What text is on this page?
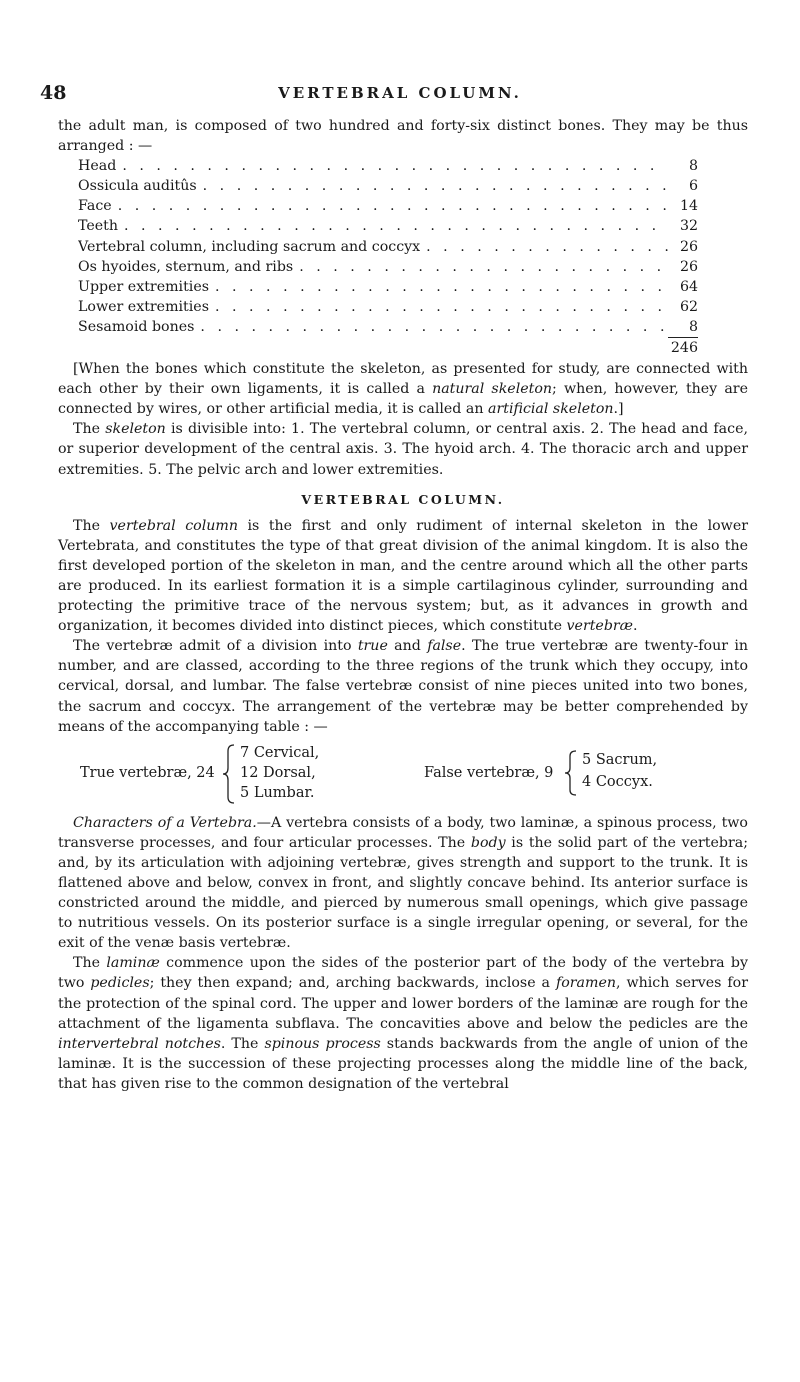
48	VERTEBRAL COLUMN.

the adult man, is composed of two hundred and forty-six distinct bones. They may be thus arranged : —

Head . . .	8
Ossicula auditûs . . .	6
Face . . .	14
Teeth . . .	32
Vertebral column, including sacrum and coccyx . . .	26
Os hyoides, sternum, and ribs . . .	26
Upper extremities . . .	64
Lower extremities . . .	62
Sesamoid bones . . .	8
246

[When the bones which constitute the skeleton, as presented for study, are connected with each other by their own ligaments, it is called a natural skeleton; when, however, they are connected by wires, or other artificial media, it is called an artificial skeleton.]

The skeleton is divisible into: 1. The vertebral column, or central axis. 2. The head and face, or superior development of the central axis. 3. The hyoid arch. 4. The thoracic arch and upper extremities. 5. The pelvic arch and lower extremities.

VERTEBRAL COLUMN.

The vertebral column is the first and only rudiment of internal skeleton in the lower Vertebrata, and constitutes the type of that great division of the animal kingdom. It is also the first developed portion of the skeleton in man, and the centre around which all the other parts are produced. In its earliest formation it is a simple cartilaginous cylinder, surrounding and protecting the primitive trace of the nervous system; but, as it advances in growth and organization, it becomes divided into distinct pieces, which constitute vertebræ.

The vertebræ admit of a division into true and false. The true vertebræ are twenty-four in number, and are classed, according to the three regions of the trunk which they occupy, into cervical, dorsal, and lumbar. The false vertebræ consist of nine pieces united into two bones, the sacrum and coccyx. The arrangement of the vertebræ may be better comprehended by means of the accompanying table : —

True vertebræ, 24
7 Cervical,
12 Dorsal,
5 Lumbar.
False vertebræ, 9
5 Sacrum,
4 Coccyx.

Characters of a Vertebra.—A vertebra consists of a body, two laminæ, a spinous process, two transverse processes, and four articular processes. The body is the solid part of the vertebra; and, by its articulation with adjoining vertebræ, gives strength and support to the trunk. It is flattened above and below, convex in front, and slightly concave behind. Its anterior surface is constricted around the middle, and pierced by numerous small openings, which give passage to nutritious vessels. On its posterior surface is a single irregular opening, or several, for the exit of the venæ basis vertebræ.

The laminæ commence upon the sides of the posterior part of the body of the vertebra by two pedicles; they then expand; and, arching backwards, inclose a foramen, which serves for the protection of the spinal cord. The upper and lower borders of the laminæ are rough for the attachment of the ligamenta subflava. The concavities above and below the pedicles are the intervertebral notches. The spinous process stands backwards from the angle of union of the laminæ. It is the succession of these projecting processes along the middle line of the back, that has given rise to the common designation of the vertebral
